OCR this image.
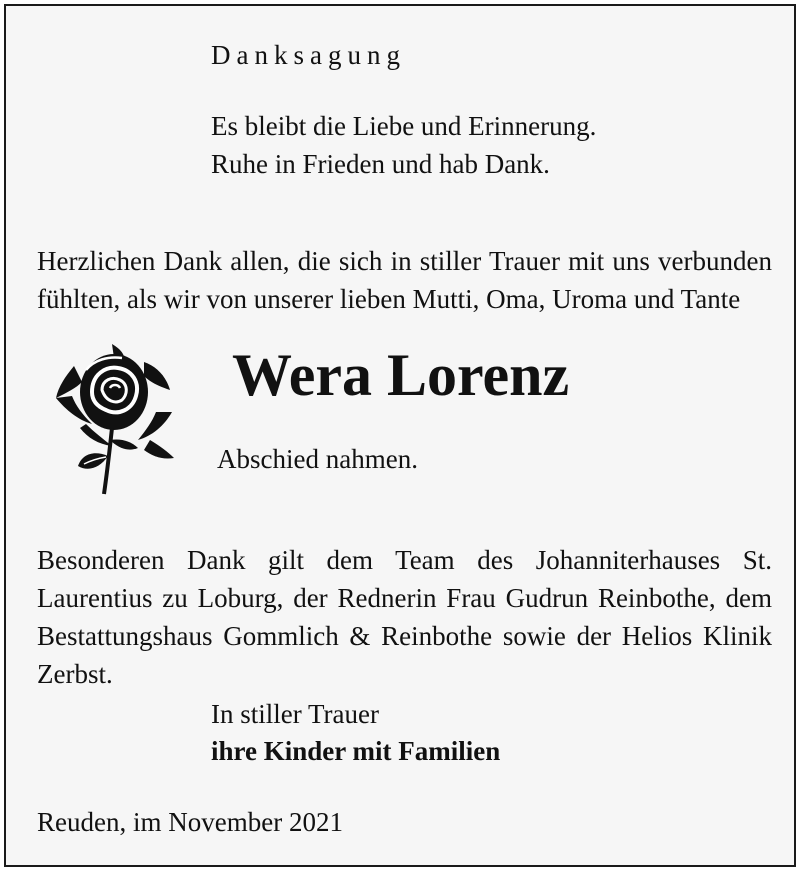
Danksagung

Es bleibt die Liebe und Erinnerung.
Ruhe in Frieden und hab Dank.

Herzlichen Dank allen, die sich in stiller Trauer mit uns verbunden fühlten, als wir von unserer lieben Mutti, Oma, Uroma und Tante

Wera Lorenz

Abschied nahmen.

Besonderen Dank gilt dem Team des Johanniterhauses St. Laurentius zu Loburg, der Rednerin Frau Gudrun Reinbothe, dem Bestattungshaus Gommlich & Reinbothe sowie der Helios Klinik Zerbst.

In stiller Trauer

ihre Kinder mit Familien

Reuden, im November 2021
